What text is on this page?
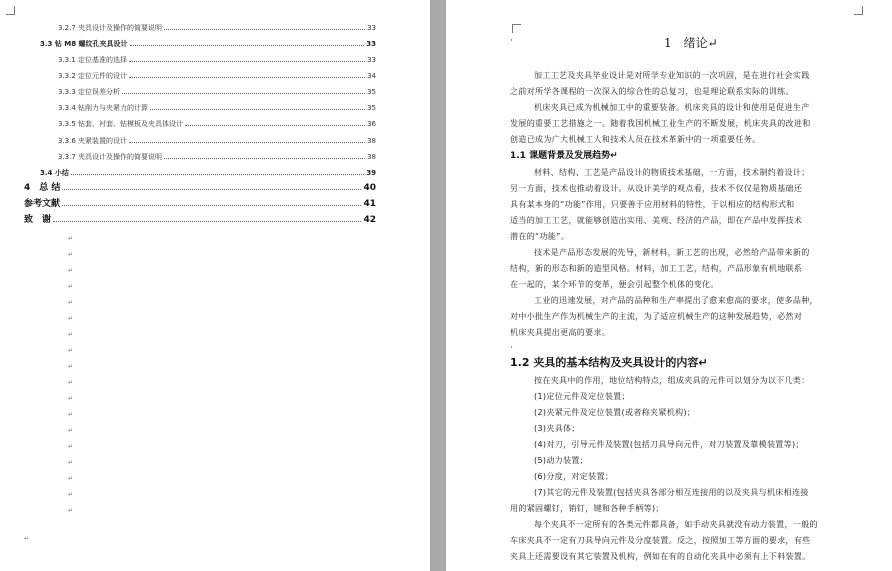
3.2.7 夹具设计及操作的简要说明	33
3.3 钻 M8 螺纹孔夹具设计	33
3.3.1 定位基准的选择	33
3.3.2 定位元件的设计	34
3.3.3 定位误差分析	35
3.3.4 钻削力与夹紧力的计算	35
3.3.5 钻套、衬套、钻模板及夹具体设计	36
3.3.6 夹紧装置的设计	38
3.3.7 夹具设计及操作的简要说明	38
3.4 小结	39
4　总 结	40
参考文献	41
致　谢	42
↵
↵
↵
↵
↵
↵
↵
↵
↵
↵
↵
↵
↵
↵
↵
↵
↵
↵
↵
·	1　绪论↵
加工工艺及夹具毕业设计是对所学专业知识的一次巩固，是在进行社会实践
之前对所学各课程的一次深入的综合性的总复习，也是理论联系实际的训练。
机床夹具已成为机械加工中的重要装备。机床夹具的设计和使用是促进生产
发展的重要工艺措施之一。随着我国机械工业生产的不断发展，机床夹具的改进和
创造已成为广大机械工人和技术人员在技术革新中的一项重要任务。
1.1 课题背景及发展趋势↵
材料、结构、工艺是产品设计的物质技术基础，一方面，技术制约着设计；
另一方面，技术也推动着设计。从设计美学的观点看，技术不仅仅是物质基础还
具有某本身的“功能”作用，只要善于应用材料的特性，于以相应的结构形式和
适当的加工工艺，就能够创造出实用、美观、经济的产品，即在产品中发挥技术
潜在的“功能”。
技术是产品形态发展的先导，新材料，新工艺的出现，必然给产品带来新的
结构，新的形态和新的造型风格。材料，加工工艺，结构，产品形象有机地联系
在一起的，某个环节的变革，便会引起整个机体的变化。
工业的迅速发展，对产品的品种和生产率提出了愈来愈高的要求，使多品种，
对中小批生产作为机械生产的主流，为了适应机械生产的这种发展趋势，必然对
机床夹具提出更高的要求。
·
1.2 夹具的基本结构及夹具设计的内容↵
按在夹具中的作用，地位结构特点，组成夹具的元件可以划分为以下几类：
(1)定位元件及定位装置；
(2)夹紧元件及定位装置(或者称夹紧机构)；
(3)夹具体；
(4)对刀，引导元件及装置(包括刀具导向元件，对刀装置及靠模装置等)；
(5)动力装置；
(6)分度，对定装置；
(7)其它的元件及装置(包括夹具各部分相互连接用的以及夹具与机床相连接
用的紧固螺钉，销钉，键和各种手柄等)；
每个夹具不一定所有的各类元件都具备，如手动夹具就没有动力装置，一般的
车床夹具不一定有刀具导向元件及分度装置。反之，按照加工等方面的要求，有些
夹具上还需要设有其它装置及机构，例如在有的自动化夹具中必须有上下料装置。
